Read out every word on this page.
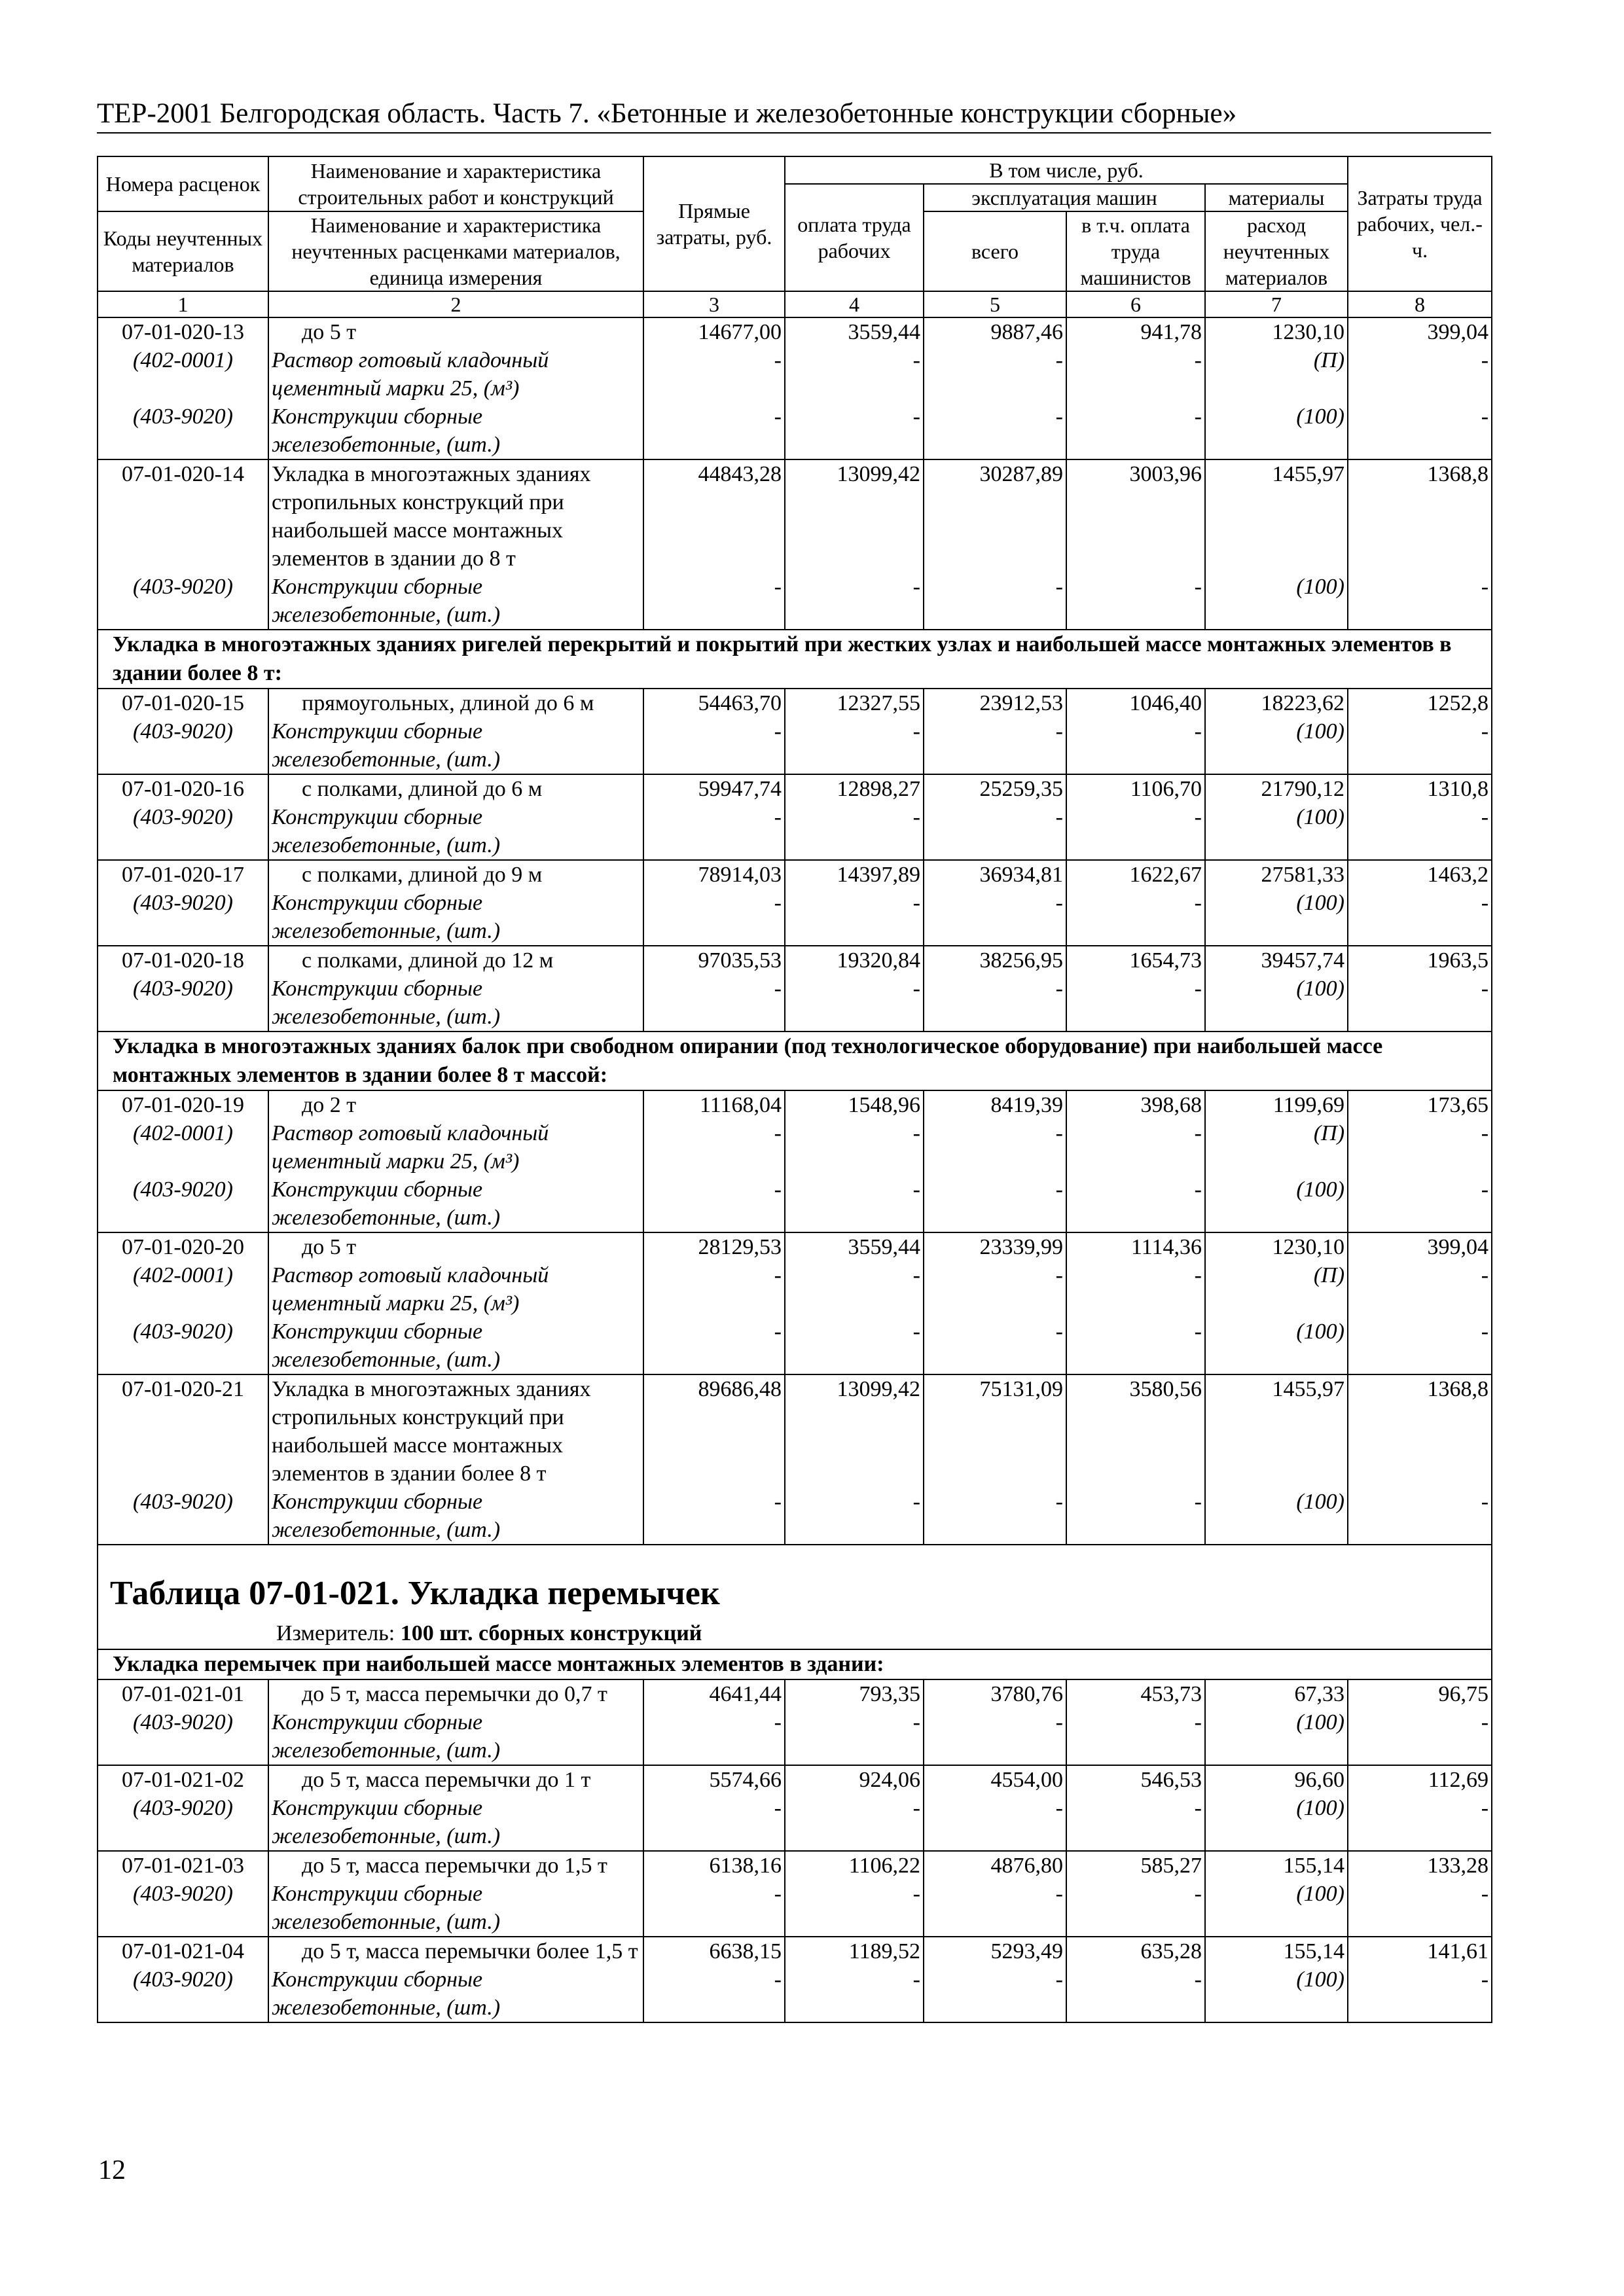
ТЕР-2001 Белгородская область. Часть 7. «Бетонные и железобетонные конструкции сборные»
Номера расценок	Наименование и характеристика строительных работ и конструкций	Прямые затраты, руб.	В том числе, руб.				Затраты труда рабочих, чел.-ч.
			оплата труда рабочих	эксплуатация машин		материалы	
Коды неучтенных материалов	Наименование и характеристика неучтенных расценками материалов, единица измерения			всего	в т.ч. оплата труда машинистов	расход неучтенных материалов	

1	2	3	4	5	6	7	8
07-01-020-13	до 5 т	14677,00	3559,44	9887,46	941,78	1230,10	399,04
(402-0001)	Раствор готовый кладочный цементный марки 25, (м³)	-	-	-	-	(П)	-
(403-9020)	Конструкции сборные железобетонные, (шт.)	-	-	-	-	(100)	-
07-01-020-14	Укладка в многоэтажных зданиях стропильных конструкций при наибольшей массе монтажных элементов в здании до 8 т	44843,28	13099,42	30287,89	3003,96	1455,97	1368,8
(403-9020)	Конструкции сборные железобетонные, (шт.)	-	-	-	-	(100)	-
Укладка в многоэтажных зданиях ригелей перекрытий и покрытий при жестких узлах и наибольшей массе монтажных элементов в здании более 8 т:							
07-01-020-15	прямоугольных, длиной до 6 м	54463,70	12327,55	23912,53	1046,40	18223,62	1252,8
(403-9020)	Конструкции сборные железобетонные, (шт.)	-	-	-	-	(100)	-
07-01-020-16	с полками, длиной до 6 м	59947,74	12898,27	25259,35	1106,70	21790,12	1310,8
(403-9020)	Конструкции сборные железобетонные, (шт.)	-	-	-	-	(100)	-
07-01-020-17	с полками, длиной до 9 м	78914,03	14397,89	36934,81	1622,67	27581,33	1463,2
(403-9020)	Конструкции сборные железобетонные, (шт.)	-	-	-	-	(100)	-
07-01-020-18	с полками, длиной до 12 м	97035,53	19320,84	38256,95	1654,73	39457,74	1963,5
(403-9020)	Конструкции сборные железобетонные, (шт.)	-	-	-	-	(100)	-
Укладка в многоэтажных зданиях балок при свободном опирании (под технологическое оборудование) при наибольшей массе монтажных элементов в здании более 8 т массой:							
07-01-020-19	до 2 т	11168,04	1548,96	8419,39	398,68	1199,69	173,65
(402-0001)	Раствор готовый кладочный цементный марки 25, (м³)	-	-	-	-	(П)	-
(403-9020)	Конструкции сборные железобетонные, (шт.)	-	-	-	-	(100)	-
07-01-020-20	до 5 т	28129,53	3559,44	23339,99	1114,36	1230,10	399,04
(402-0001)	Раствор готовый кладочный цементный марки 25, (м³)	-	-	-	-	(П)	-
(403-9020)	Конструкции сборные железобетонные, (шт.)	-	-	-	-	(100)	-
07-01-020-21	Укладка в многоэтажных зданиях стропильных конструкций при наибольшей массе монтажных элементов в здании более 8 т	89686,48	13099,42	75131,09	3580,56	1455,97	1368,8
(403-9020)	Конструкции сборные железобетонные, (шт.)	-	-	-	-	(100)	-
Таблица 07-01-021. Укладка перемычек							
Измеритель: 100 шт. сборных конструкций							
Укладка перемычек при наибольшей массе монтажных элементов в здании:							
07-01-021-01	до 5 т, масса перемычки до 0,7 т	4641,44	793,35	3780,76	453,73	67,33	96,75
(403-9020)	Конструкции сборные железобетонные, (шт.)	-	-	-	-	(100)	-
07-01-021-02	до 5 т, масса перемычки до 1 т	5574,66	924,06	4554,00	546,53	96,60	112,69
(403-9020)	Конструкции сборные железобетонные, (шт.)	-	-	-	-	(100)	-
07-01-021-03	до 5 т, масса перемычки до 1,5 т	6138,16	1106,22	4876,80	585,27	155,14	133,28
(403-9020)	Конструкции сборные железобетонные, (шт.)	-	-	-	-	(100)	-
07-01-021-04	до 5 т, масса перемычки более 1,5 т	6638,15	1189,52	5293,49	635,28	155,14	141,61
(403-9020)	Конструкции сборные железобетонные, (шт.)	-	-	-	-	(100)	-
12
